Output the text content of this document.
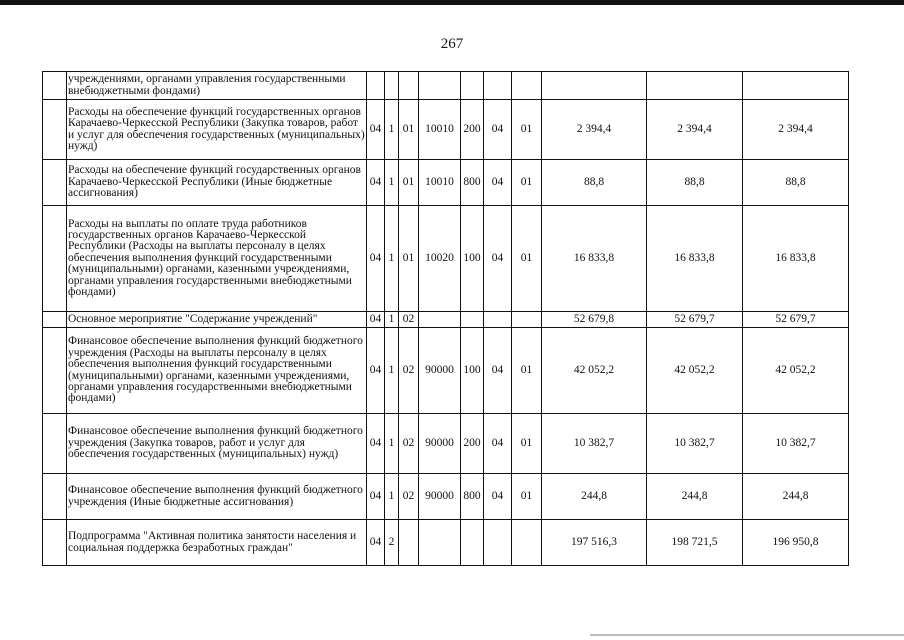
267
	учреждениями, органами управления государственными внебюджетными фондами)										
	Расходы на обеспечение функций государственных органов Карачаево-Черкесской Республики (Закупка товаров, работ и услуг для обеспечения государственных (муниципальных) нужд)	04	1	01	10010	200	04	01	2 394,4	2 394,4	2 394,4
	Расходы на обеспечение функций государственных органов Карачаево-Черкесской Республики (Иные бюджетные ассигнования)	04	1	01	10010	800	04	01	88,8	88,8	88,8
	Расходы на выплаты по оплате труда работников государственных органов Карачаево-Черкесской Республики (Расходы на выплаты персоналу в целях обеспечения выполнения функций государственными (муниципальными) органами, казенными учреждениями, органами управления государственными внебюджетными фондами)	04	1	01	10020	100	04	01	16 833,8	16 833,8	16 833,8
	Основное мероприятие "Содержание учреждений"	04	1	02					52 679,8	52 679,7	52 679,7
	Финансовое обеспечение выполнения функций бюджетного учреждения (Расходы на выплаты персоналу в целях обеспечения выполнения функций государственными (муниципальными) органами, казенными учреждениями, органами управления государственными внебюджетными фондами)	04	1	02	90000	100	04	01	42 052,2	42 052,2	42 052,2
	Финансовое обеспечение выполнения функций бюджетного учреждения (Закупка товаров, работ и услуг для обеспечения государственных (муниципальных) нужд)	04	1	02	90000	200	04	01	10 382,7	10 382,7	10 382,7
	Финансовое обеспечение выполнения функций бюджетного учреждения (Иные бюджетные ассигнования)	04	1	02	90000	800	04	01	244,8	244,8	244,8
	Подпрограмма "Активная политика занятости населения и социальная поддержка безработных граждан"	04	2						197 516,3	198 721,5	196 950,8
